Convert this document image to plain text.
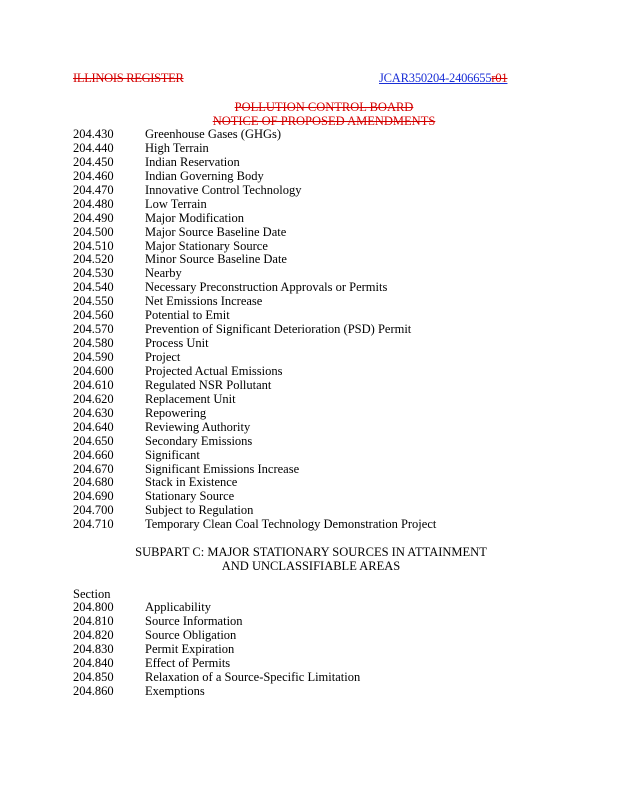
ILLINOIS REGISTER	JCAR350204-2406655r01
POLLUTION CONTROL BOARD
NOTICE OF PROPOSED AMENDMENTS
204.430	Greenhouse Gases (GHGs)
204.440	High Terrain
204.450	Indian Reservation
204.460	Indian Governing Body
204.470	Innovative Control Technology
204.480	Low Terrain
204.490	Major Modification
204.500	Major Source Baseline Date
204.510	Major Stationary Source
204.520	Minor Source Baseline Date
204.530	Nearby
204.540	Necessary Preconstruction Approvals or Permits
204.550	Net Emissions Increase
204.560	Potential to Emit
204.570	Prevention of Significant Deterioration (PSD) Permit
204.580	Process Unit
204.590	Project
204.600	Projected Actual Emissions
204.610	Regulated NSR Pollutant
204.620	Replacement Unit
204.630	Repowering
204.640	Reviewing Authority
204.650	Secondary Emissions
204.660	Significant
204.670	Significant Emissions Increase
204.680	Stack in Existence
204.690	Stationary Source
204.700	Subject to Regulation
204.710	Temporary Clean Coal Technology Demonstration Project
SUBPART C: MAJOR STATIONARY SOURCES IN ATTAINMENT
AND UNCLASSIFIABLE AREAS
Section
204.800	Applicability
204.810	Source Information
204.820	Source Obligation
204.830	Permit Expiration
204.840	Effect of Permits
204.850	Relaxation of a Source-Specific Limitation
204.860	Exemptions
